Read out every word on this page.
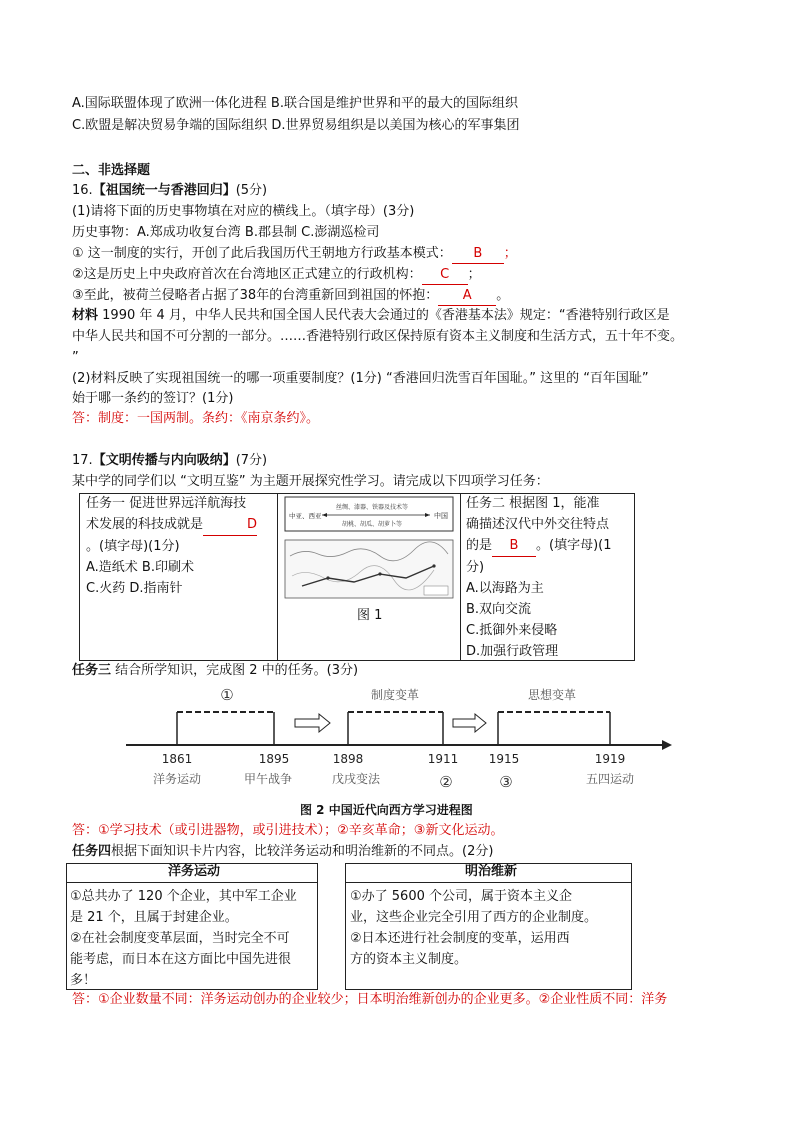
A.国际联盟体现了欧洲一体化进程 B.联合国是维护世界和平的最大的国际组织
C.欧盟是解决贸易争端的国际组织 D.世界贸易组织是以美国为核心的军事集团
二、非选择题
16.【祖国统一与香港回归】(5分)
(1)请将下面的历史事物填在对应的横线上。（填字母）(3分)
历史事物：A.郑成功收复台湾 B.郡县制 C.澎湖巡检司
① 这一制度的实行，开创了此后我国历代王朝地方行政基本模式： B ；
②这是历史上中央政府首次在台湾地区正式建立的行政机构： C ；
③至此，被荷兰侵略者占据了38年的台湾重新回到祖国的怀抱： A 。
材料 1990 年 4 月，中华人民共和国全国人民代表大会通过的《香港基本法》规定：“香港特别行政区是
中华人民共和国不可分割的一部分。……香港特别行政区保持原有资本主义制度和生活方式，五十年不变。
”
(2)材料反映了实现祖国统一的哪一项重要制度？(1分) “香港回归洗雪百年国耻。” 这里的 “百年国耻”
始于哪一条约的签订？(1分)
答：制度：一国两制。条约：《南京条约》。
17.【文明传播与内向吸纳】(7分)
某中学的同学们以 “文明互鉴” 为主题开展探究性学习。请完成以下四项学习任务：
任务一 促进世界远洋航海技
术发展的科技成就是	D
。(填字母)(1分)
A.造纸术 B.印刷术
C.火药 D.指南针
中亚、西亚	中国
丝绸、漆器、铁器及技术等
胡桃、胡瓜、胡萝卜等
图 1
任务二 根据图 1，能准
确描述汉代中外交往特点
的是 B 。(填字母)(1
分)
A.以海路为主
B.双向交流
C.抵御外来侵略
D.加强行政管理
任务三 结合所学知识，完成图 2 中的任务。(3分)
①	制度变革	思想变革
1861	1895	1898	1911	1915	1919
洋务运动	甲午战争	戊戌变法	②	③	五四运动
图 2 中国近代向西方学习进程图
答：①学习技术（或引进器物，或引进技术）；②辛亥革命；③新文化运动。
任务四根据下面知识卡片内容，比较洋务运动和明治维新的不同点。(2分)
洋务运动
①总共办了 120 个企业，其中军工企业
是 21 个，且属于封建企业。
②在社会制度变革层面，当时完全不可
能考虑，而日本在这方面比中国先进很
多！
明治维新
①办了 5600 个公司，属于资本主义企
业，这些企业完全引用了西方的企业制度。
②日本还进行社会制度的变革，运用西
方的资本主义制度。
答：①企业数量不同：洋务运动创办的企业较少；日本明治维新创办的企业更多。②企业性质不同：洋务
